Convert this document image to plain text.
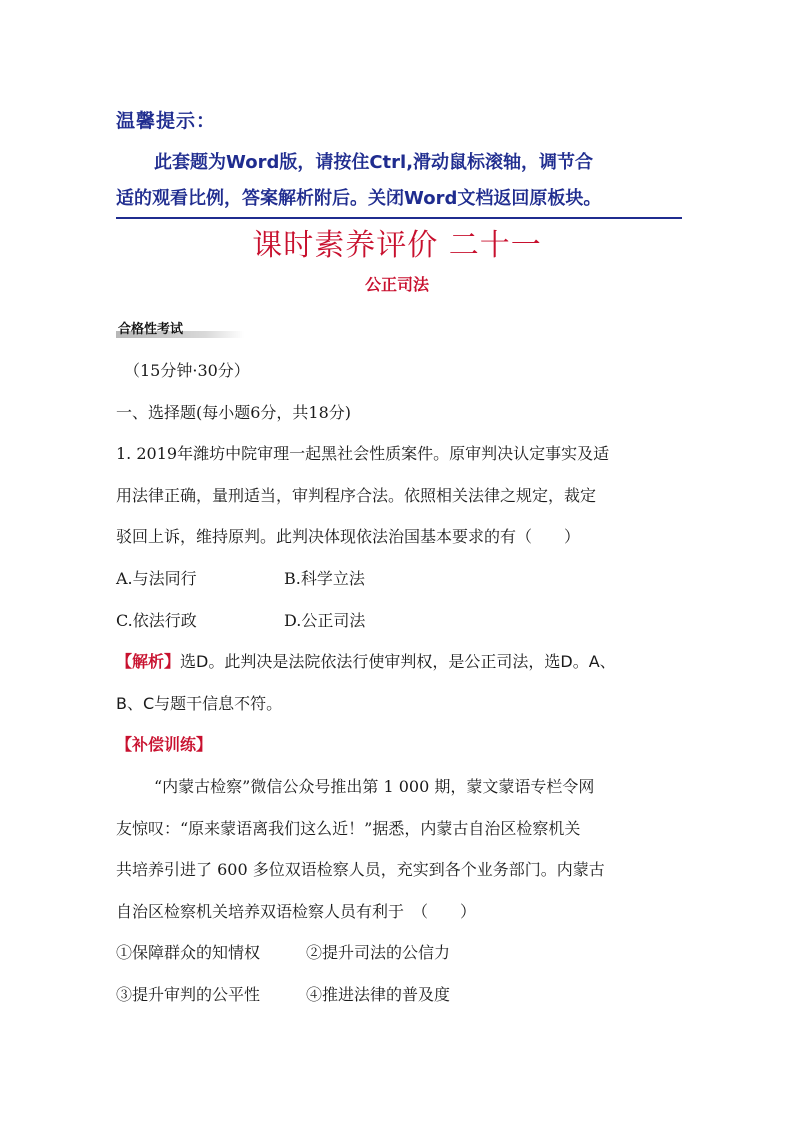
温馨提示：
此套题为Word版，请按住Ctrl,滑动鼠标滚轴，调节合
适的观看比例，答案解析附后。关闭Word文档返回原板块。
课时素养评价 二十一
公正司法
合格性考试

（15分钟·30分）

一、选择题(每小题6分，共18分)

1. 2019年潍坊中院审理一起黑社会性质案件。原审判决认定事实及适

用法律正确，量刑适当，审判程序合法。依照相关法律之规定，裁定

驳回上诉，维持原判。此判决体现依法治国基本要求的有（　　）

A.与法同行	B.科学立法

C.依法行政	D.公正司法

【解析】选D。此判决是法院依法行使审判权，是公正司法，选D。A、

B、C与题干信息不符。

【补偿训练】

“内蒙古检察”微信公众号推出第 1 000 期，蒙文蒙语专栏令网

友惊叹：“原来蒙语离我们这么近！”据悉，内蒙古自治区检察机关

共培养引进了 600 多位双语检察人员，充实到各个业务部门。内蒙古

自治区检察机关培养双语检察人员有利于　（　　）

①保障群众的知情权	②提升司法的公信力

③提升审判的公平性	④推进法律的普及度
